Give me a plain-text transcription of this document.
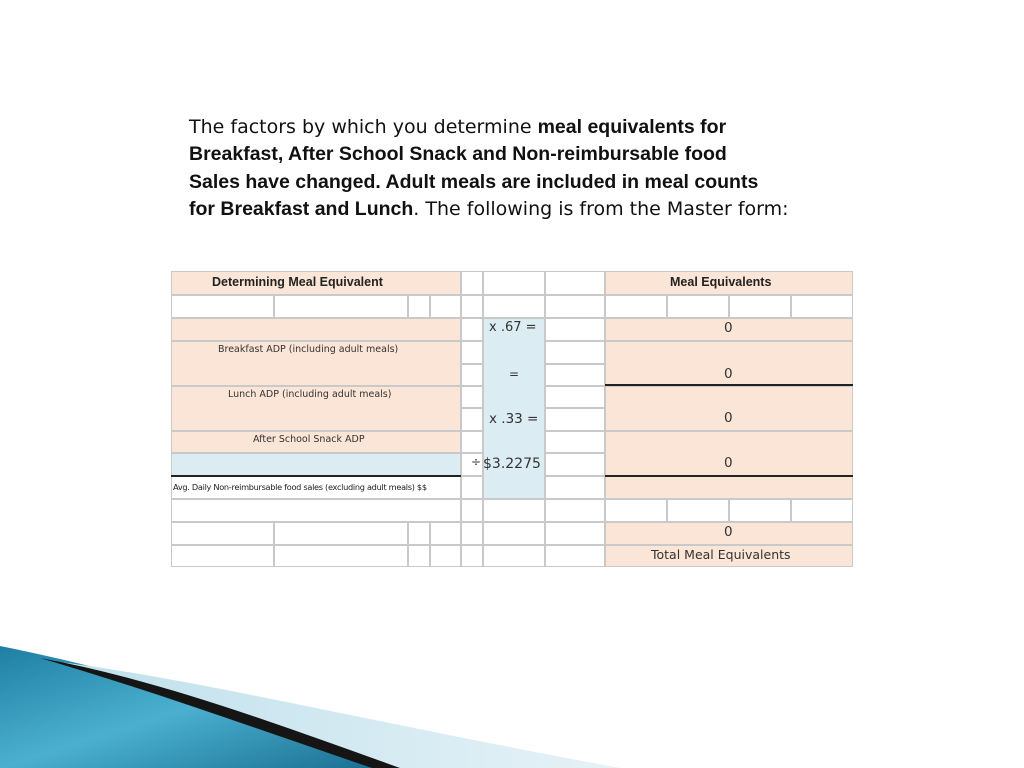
The factors by which you determine meal equivalents for
Breakfast, After School Snack and Non-reimbursable food
Sales have changed. Adult meals are included in meal counts
for Breakfast and Lunch. The following is from the Master form:
Determining Meal Equivalent	Meal Equivalents
Breakfast ADP (including adult meals)
Lunch ADP (including adult meals)
After School Snack ADP
Avg. Daily Non-reimbursable food sales (excluding adult meals) $$
÷
x .67 =
=
x .33 =
$3.2275
0
0
0
0
0
Total Meal Equivalents
